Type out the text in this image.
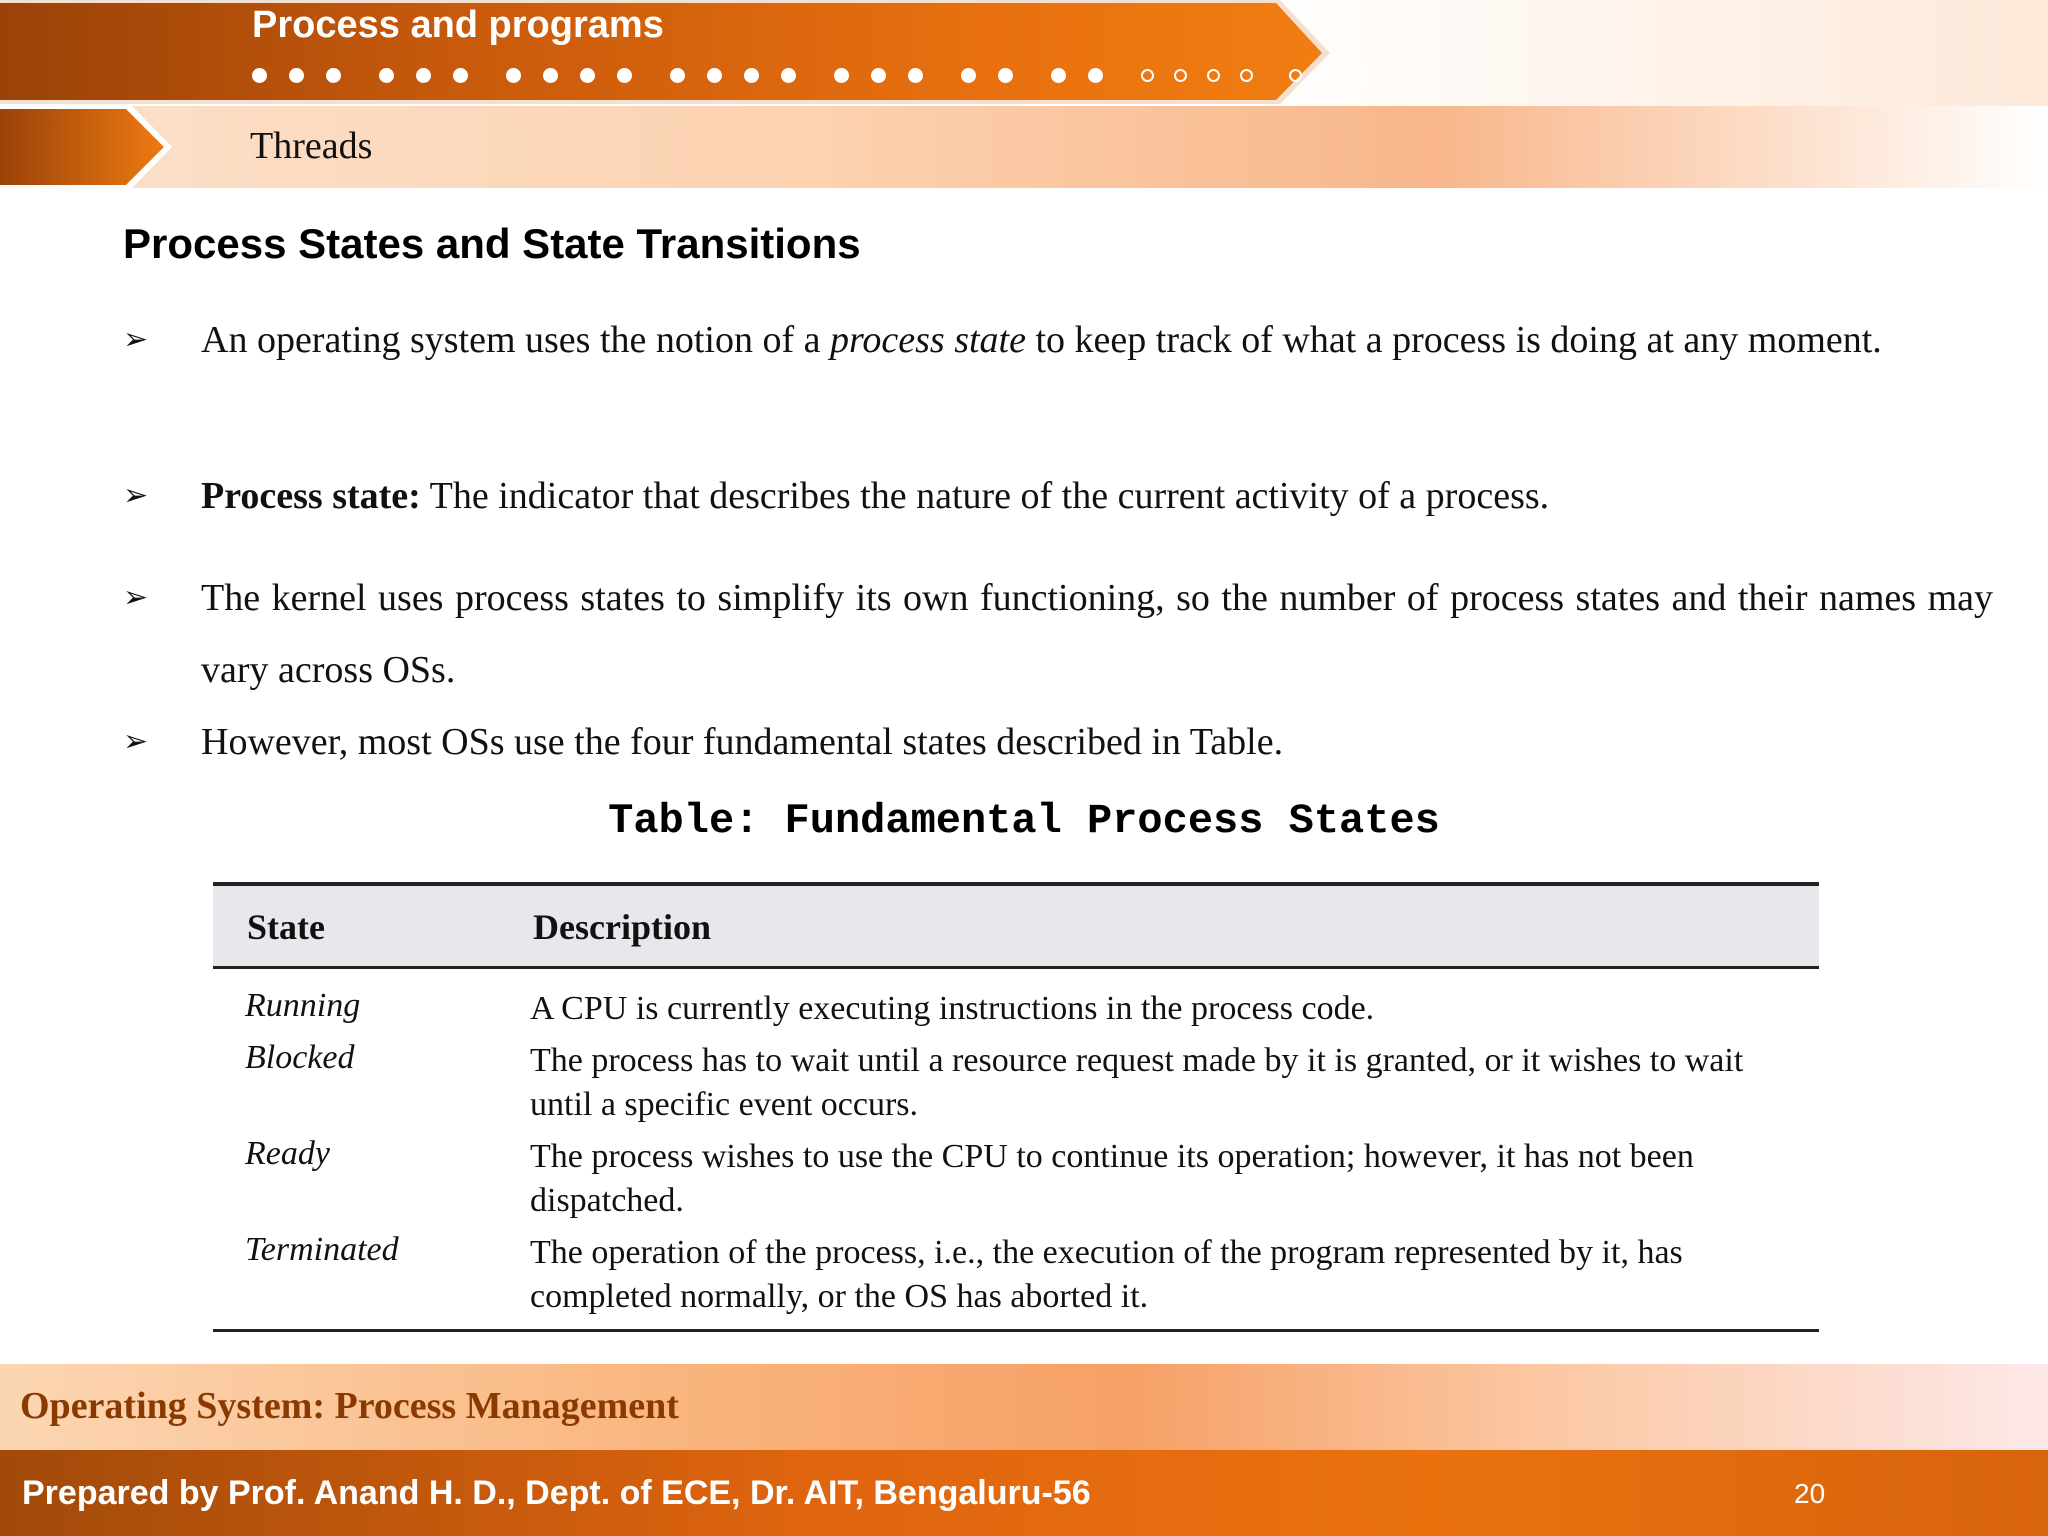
Process and programs
Threads
Process States and State Transitions
➢	An operating system uses the notion of a process state to keep track of what a process is doing at any moment.
➢	Process state: The indicator that describes the nature of the current activity of a process.
➢	The kernel uses process states to simplify its own functioning, so the number of process states and their names may vary across OSs.
➢	However, most OSs use the four fundamental states described in Table.
Table: Fundamental Process States
State	Description
Running	A CPU is currently executing instructions in the process code.
Blocked	The process has to wait until a resource request made by it is granted, or it wishes to wait until a specific event occurs.
Ready	The process wishes to use the CPU to continue its operation; however, it has not been dispatched.
Terminated	The operation of the process, i.e., the execution of the program represented by it, has completed normally, or the OS has aborted it.
Operating System: Process Management
Prepared by Prof. Anand H. D., Dept. of ECE, Dr. AIT, Bengaluru-56	20
